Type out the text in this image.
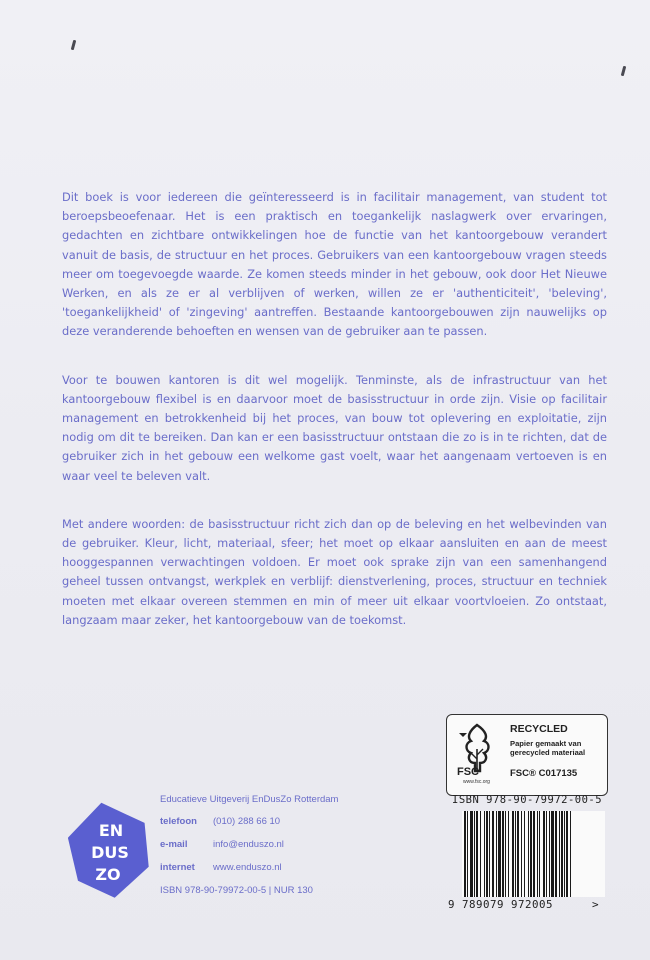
Dit boek is voor iedereen die geïnteresseerd is in facilitair management, van student tot beroepsbeoefenaar. Het is een praktisch en toegankelijk naslagwerk over ervaringen, gedachten en zichtbare ontwikkelingen hoe de functie van het kantoorgebouw verandert vanuit de basis, de structuur en het proces. Gebruikers van een kantoorgebouw vragen steeds meer om toegevoegde waarde. Ze komen steeds minder in het gebouw, ook door Het Nieuwe Werken, en als ze er al verblijven of werken, willen ze er 'authenticiteit', 'beleving', 'toegankelijkheid' of 'zingeving' aantreffen. Bestaande kantoorgebouwen zijn nauwelijks op deze veranderende behoeften en wensen van de gebruiker aan te passen.

Voor te bouwen kantoren is dit wel mogelijk. Tenminste, als de infrastructuur van het kantoorgebouw flexibel is en daarvoor moet de basisstructuur in orde zijn. Visie op facilitair management en betrokkenheid bij het proces, van bouw tot oplevering en exploitatie, zijn nodig om dit te bereiken. Dan kan er een basisstructuur ontstaan die zo is in te richten, dat de gebruiker zich in het gebouw een welkome gast voelt, waar het aangenaam vertoeven is en waar veel te beleven valt.

Met andere woorden: de basisstructuur richt zich dan op de beleving en het welbevinden van de gebruiker. Kleur, licht, materiaal, sfeer; het moet op elkaar aansluiten en aan de meest hooggespannen verwachtingen voldoen. Er moet ook sprake zijn van een samenhangend geheel tussen ontvangst, werkplek en verblijf: dienstverlening, proces, structuur en techniek moeten met elkaar overeen stemmen en min of meer uit elkaar voortvloeien. Zo ontstaat, langzaam maar zeker, het kantoorgebouw van de toekomst.

FSC
www.fsc.org
RECYCLED
Papier gemaakt van gerecycled materiaal
FSC® C017135
EN
DUS
ZO
Educatieve Uitgeverij EnDusZo Rotterdam
telefoon (010) 288 66 10
e-mail	info@enduszo.nl
internet www.enduszo.nl
ISBN 978-90-79972-00-5 | NUR 130
ISBN 978-90-79972-00-5
9 789079 972005	>
